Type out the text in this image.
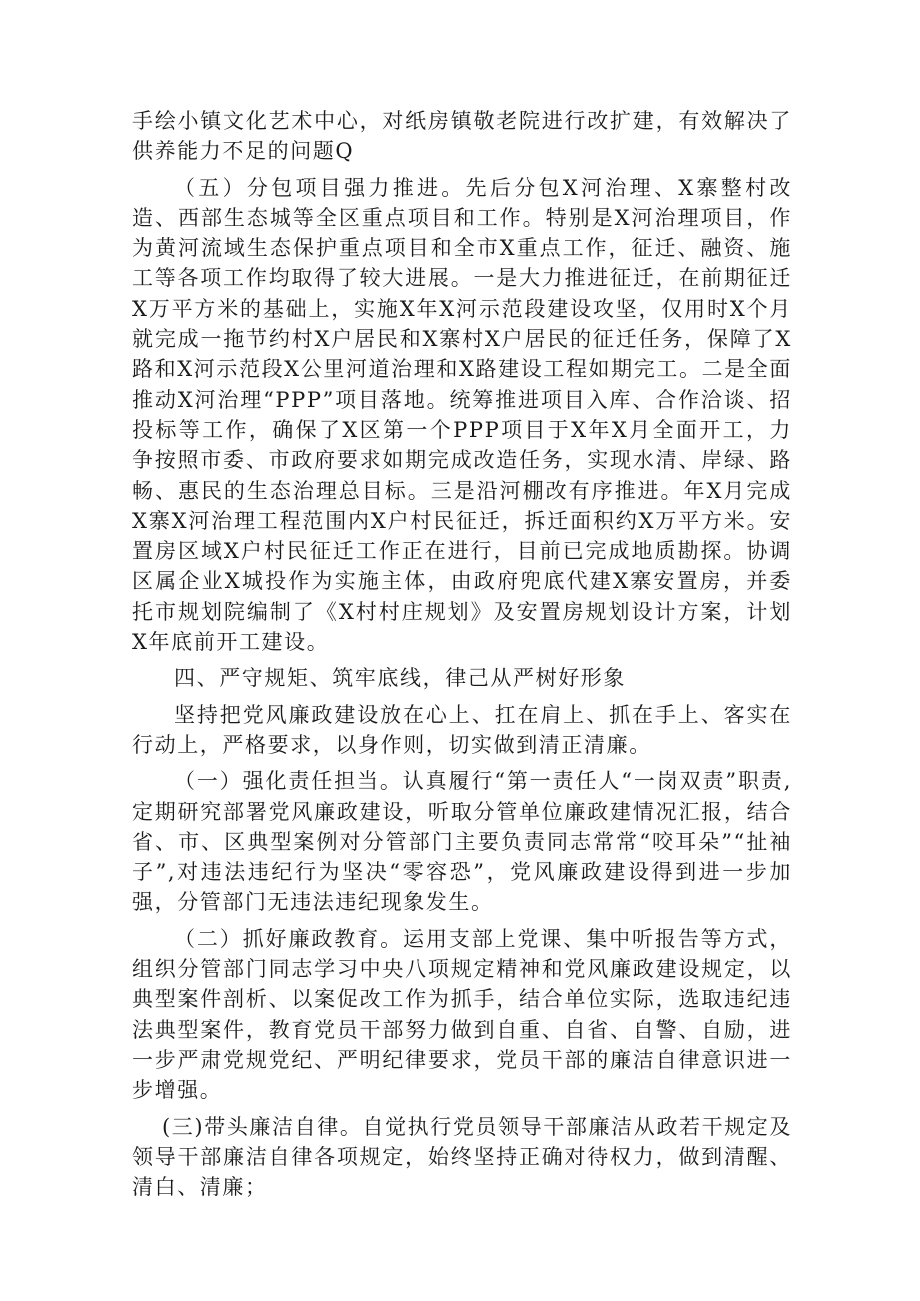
手绘小镇文化艺术中心，对纸房镇敬老院进行改扩建，有效解决了供养能力不足的问题Q

（五）分包项目强力推进。先后分包X河治理、X寨整村改造、西部生态城等全区重点项目和工作。特别是X河治理项目，作为黄河流域生态保护重点项目和全市X重点工作，征迁、融资、施工等各项工作均取得了较大进展。一是大力推进征迁，在前期征迁X万平方米的基础上，实施X年X河示范段建设攻坚，仅用时X个月就完成一拖节约村X户居民和X寨村X户居民的征迁任务，保障了X路和X河示范段X公里河道治理和X路建设工程如期完工。二是全面推动X河治理“PPP”项目落地。统筹推进项目入库、合作洽谈、招投标等工作，确保了X区第一个PPP项目于X年X月全面开工，力争按照市委、市政府要求如期完成改造任务，实现水清、岸绿、路畅、惠民的生态治理总目标。三是沿河棚改有序推进。年X月完成X寨X河治理工程范围内X户村民征迁，拆迁面积约X万平方米。安置房区域X户村民征迁工作正在进行，目前已完成地质勘探。协调区属企业X城投作为实施主体，由政府兜底代建X寨安置房，并委托市规划院编制了《X村村庄规划》及安置房规划设计方案，计划X年底前开工建设。

四、严守规矩、筑牢底线，律己从严树好形象

坚持把党风廉政建设放在心上、扛在肩上、抓在手上、客实在行动上，严格要求，以身作则，切实做到清正清廉。

（一）强化责任担当。认真履行“第一责任人“一岗双责”职责,定期研究部署党风廉政建设，听取分管单位廉政建情况汇报，结合省、市、区典型案例对分管部门主要负责同志常常“咬耳朵”“扯袖子”,对违法违纪行为坚决“零容恐”，党风廉政建设得到进一步加强，分管部门无违法违纪现象发生。

（二）抓好廉政教育。运用支部上党课、集中听报告等方式，组织分管部门同志学习中央八项规定精神和党风廉政建设规定，以典型案件剖析、以案促改工作为抓手，结合单位实际，选取违纪违法典型案件，教育党员干部努力做到自重、自省、自警、自励，进一步严肃党规党纪、严明纪律要求，党员干部的廉洁自律意识进一步增强。

(三)带头廉洁自律。自觉执行党员领导干部廉洁从政若干规定及领导干部廉洁自律各项规定，始终坚持正确对待权力，做到清醒、清白、清廉；
